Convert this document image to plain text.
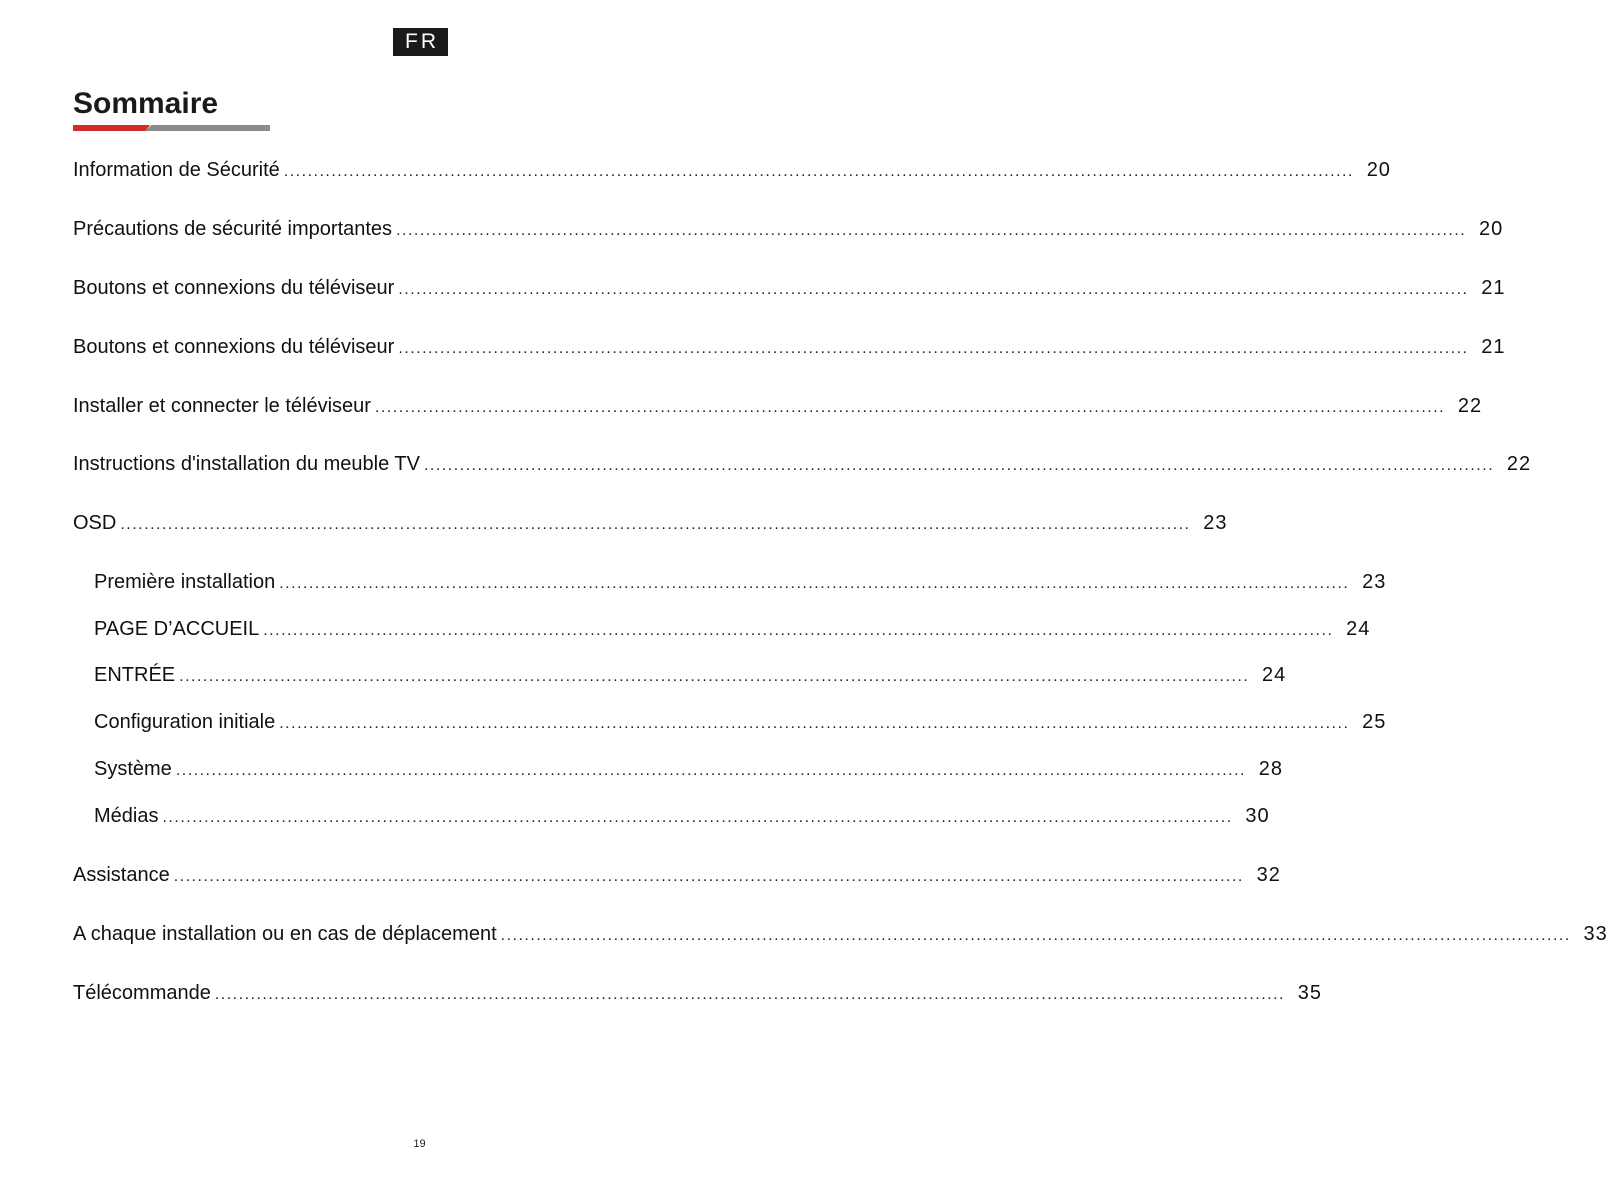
FR
Sommaire
Information de Sécurité .................................................................................................................................................................................... 20
Précautions de sécurité importantes .................................................................................................................................................................................... 20
Boutons et connexions du téléviseur .................................................................................................................................................................................... 21
Boutons et connexions du téléviseur .................................................................................................................................................................................... 21
Installer et connecter le téléviseur .................................................................................................................................................................................... 22
Instructions d'installation du meuble TV .................................................................................................................................................................................... 22
OSD .................................................................................................................................................................................... 23
Première installation .................................................................................................................................................................................... 23
PAGE D’ACCUEIL .................................................................................................................................................................................... 24
ENTRÉE .................................................................................................................................................................................... 24
Configuration initiale .................................................................................................................................................................................... 25
Système .................................................................................................................................................................................... 28
Médias .................................................................................................................................................................................... 30
Assistance .................................................................................................................................................................................... 32
A chaque installation ou en cas de déplacement .................................................................................................................................................................................... 33
Télécommande .................................................................................................................................................................................... 35
19
